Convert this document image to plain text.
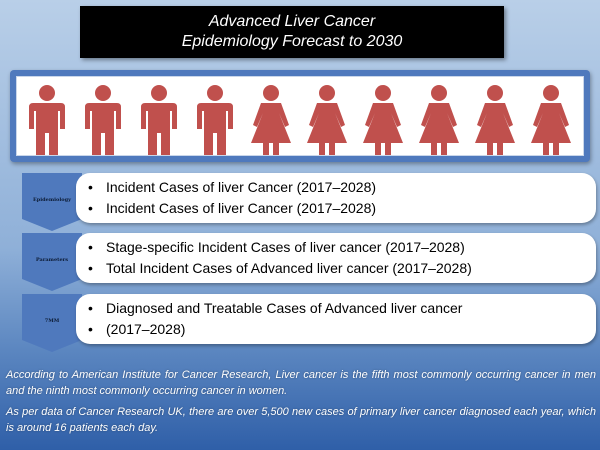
Advanced Liver Cancer
Epidemiology Forecast to 2030
Epidemiology
• Incident Cases of liver Cancer (2017–2028)
• Incident Cases of liver Cancer (2017–2028)
Parameters
• Stage-specific Incident Cases of liver cancer (2017–2028)
• Total Incident Cases of Advanced liver cancer (2017–2028)
7MM
• Diagnosed and Treatable Cases of Advanced liver cancer
• (2017–2028)

According to American Institute for Cancer Research, Liver cancer is the fifth most commonly occurring cancer in men and the ninth most commonly occurring cancer in women.

As per data of Cancer Research UK, there are over 5,500 new cases of primary liver cancer diagnosed each year, which is around 16 patients each day.
